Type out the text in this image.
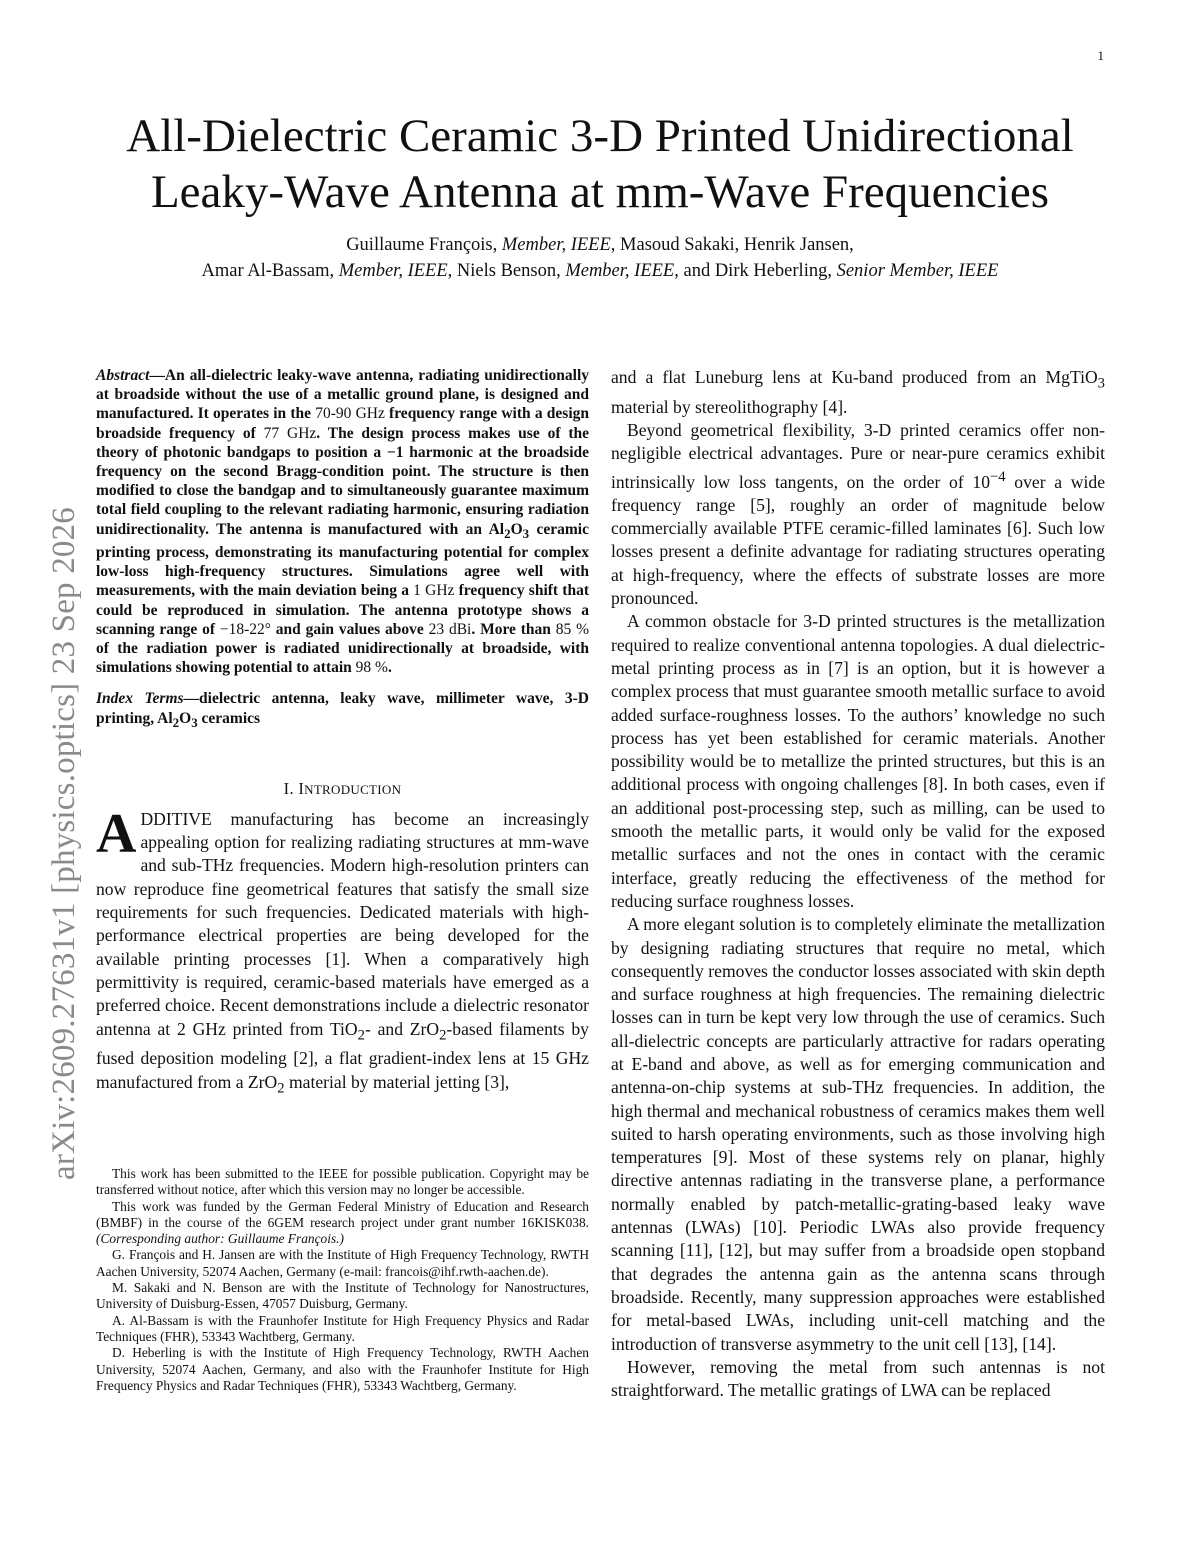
1
arXiv:2609.27631v1 [physics.optics] 23 Sep 2026
All-Dielectric Ceramic 3-D Printed Unidirectional
Leaky-Wave Antenna at mm-Wave Frequencies
Guillaume François, Member, IEEE, Masoud Sakaki, Henrik Jansen,
Amar Al-Bassam, Member, IEEE, Niels Benson, Member, IEEE, and Dirk Heberling, Senior Member, IEEE

Abstract—An all-dielectric leaky-wave antenna, radiating unidirectionally at broadside without the use of a metallic ground plane, is designed and manufactured. It operates in the 70-90 GHz frequency range with a design broadside frequency of 77 GHz. The design process makes use of the theory of photonic bandgaps to position a −1 harmonic at the broadside frequency on the second Bragg-condition point. The structure is then modified to close the bandgap and to simultaneously guarantee maximum total field coupling to the relevant radiating harmonic, ensuring radiation unidirectionality. The antenna is manufactured with an $Al_2O_3$ ceramic printing process, demonstrating its manufacturing potential for complex low-loss high-frequency structures. Simulations agree well with measurements, with the main deviation being a 1 GHz frequency shift that could be reproduced in simulation. The antenna prototype shows a scanning range of −18-22° and gain values above 23 dBi. More than 85 % of the radiation power is radiated unidirectionally at broadside, with simulations showing potential to attain 98 %.

Index Terms—dielectric antenna, leaky wave, millimeter wave, 3-D printing, $Al_2O_3$ ceramics

I. INTRODUCTION

ADDITIVE manufacturing has become an increasingly appealing option for realizing radiating structures at mm-wave and sub-THz frequencies. Modern high-resolution printers can now reproduce fine geometrical features that satisfy the small size requirements for such frequencies. Dedicated materials with high-performance electrical properties are being developed for the available printing processes [1]. When a comparatively high permittivity is required, ceramic-based materials have emerged as a preferred choice. Recent demonstrations include a dielectric resonator antenna at 2 GHz printed from TiO$_2$- and ZrO$_2$-based filaments by fused deposition modeling [2], a flat gradient-index lens at 15 GHz manufactured from a ZrO$_2$ material by material jetting [3],

This work has been submitted to the IEEE for possible publication. Copyright may be transferred without notice, after which this version may no longer be accessible.

This work was funded by the German Federal Ministry of Education and Research (BMBF) in the course of the 6GEM research project under grant number 16KISK038. (Corresponding author: Guillaume François.)

G. François and H. Jansen are with the Institute of High Frequency Technology, RWTH Aachen University, 52074 Aachen, Germany (e-mail: francois@ihf.rwth-aachen.de).

M. Sakaki and N. Benson are with the Institute of Technology for Nanostructures, University of Duisburg-Essen, 47057 Duisburg, Germany.

A. Al-Bassam is with the Fraunhofer Institute for High Frequency Physics and Radar Techniques (FHR), 53343 Wachtberg, Germany.

D. Heberling is with the Institute of High Frequency Technology, RWTH Aachen University, 52074 Aachen, Germany, and also with the Fraunhofer Institute for High Frequency Physics and Radar Techniques (FHR), 53343 Wachtberg, Germany.

and a flat Luneburg lens at Ku-band produced from an MgTiO$_3$ material by stereolithography [4].

Beyond geometrical flexibility, 3-D printed ceramics offer non-negligible electrical advantages. Pure or near-pure ceramics exhibit intrinsically low loss tangents, on the order of $10^{-4}$ over a wide frequency range [5], roughly an order of magnitude below commercially available PTFE ceramic-filled laminates [6]. Such low losses present a definite advantage for radiating structures operating at high-frequency, where the effects of substrate losses are more pronounced.

A common obstacle for 3-D printed structures is the metallization required to realize conventional antenna topologies. A dual dielectric-metal printing process as in [7] is an option, but it is however a complex process that must guarantee smooth metallic surface to avoid added surface-roughness losses. To the authors’ knowledge no such process has yet been established for ceramic materials. Another possibility would be to metallize the printed structures, but this is an additional process with ongoing challenges [8]. In both cases, even if an additional post-processing step, such as milling, can be used to smooth the metallic parts, it would only be valid for the exposed metallic surfaces and not the ones in contact with the ceramic interface, greatly reducing the effectiveness of the method for reducing surface roughness losses.

A more elegant solution is to completely eliminate the metallization by designing radiating structures that require no metal, which consequently removes the conductor losses associated with skin depth and surface roughness at high frequencies. The remaining dielectric losses can in turn be kept very low through the use of ceramics. Such all-dielectric concepts are particularly attractive for radars operating at E-band and above, as well as for emerging communication and antenna-on-chip systems at sub-THz frequencies. In addition, the high thermal and mechanical robustness of ceramics makes them well suited to harsh operating environments, such as those involving high temperatures [9]. Most of these systems rely on planar, highly directive antennas radiating in the transverse plane, a performance normally enabled by patch-metallic-grating-based leaky wave antennas (LWAs) [10]. Periodic LWAs also provide frequency scanning [11], [12], but may suffer from a broadside open stopband that degrades the antenna gain as the antenna scans through broadside. Recently, many suppression approaches were established for metal-based LWAs, including unit-cell matching and the introduction of transverse asymmetry to the unit cell [13], [14].

However, removing the metal from such antennas is not straightforward. The metallic gratings of LWA can be replaced
